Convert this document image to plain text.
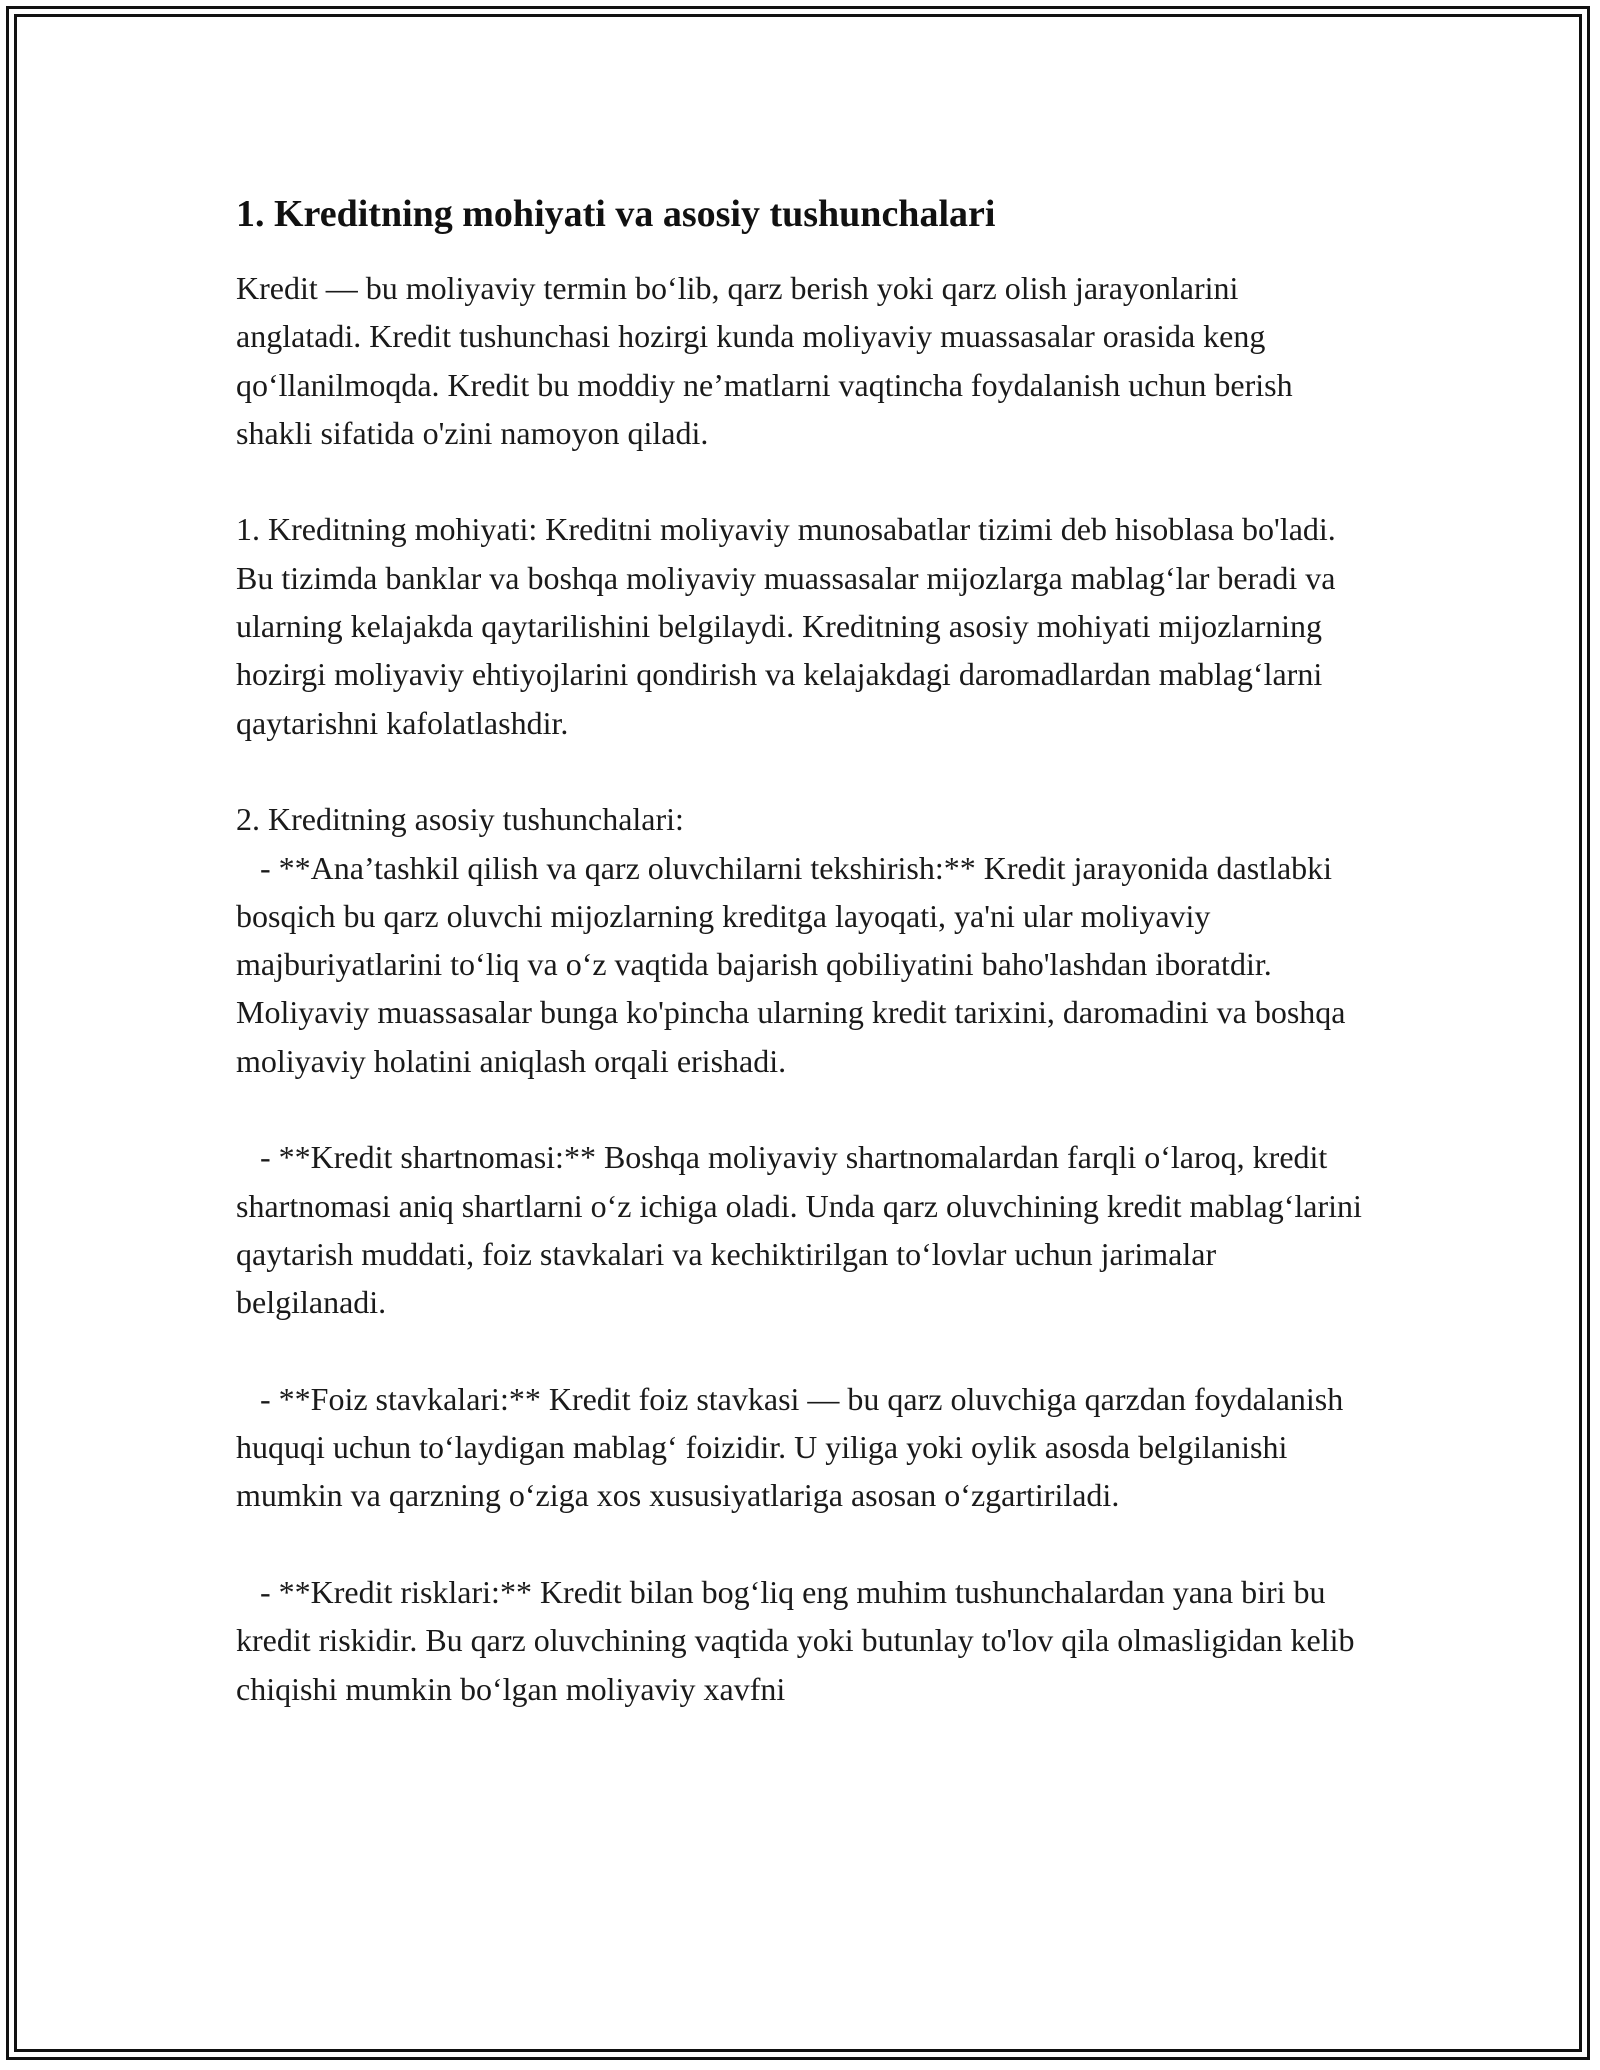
1. Kreditning mohiyati va asosiy tushunchalari

Kredit — bu moliyaviy termin bo‘lib, qarz berish yoki qarz olish jarayonlarini anglatadi. Kredit tushunchasi hozirgi kunda moliyaviy muassasalar orasida keng qo‘llanilmoqda. Kredit bu moddiy ne’matlarni vaqtincha foydalanish uchun berish shakli sifatida o'zini namoyon qiladi.

1. Kreditning mohiyati: Kreditni moliyaviy munosabatlar tizimi deb hisoblasa bo'ladi. Bu tizimda banklar va boshqa moliyaviy muassasalar mijozlarga mablag‘lar beradi va ularning kelajakda qaytarilishini belgilaydi. Kreditning asosiy mohiyati mijozlarning hozirgi moliyaviy ehtiyojlarini qondirish va kelajakdagi daromadlardan mablag‘larni qaytarishni kafolatlashdir.

2. Kreditning asosiy tushunchalari:
- **Ana’tashkil qilish va qarz oluvchilarni tekshirish:** Kredit jarayonida dastlabki bosqich bu qarz oluvchi mijozlarning kreditga layoqati, ya'ni ular moliyaviy majburiyatlarini to‘liq va o‘z vaqtida bajarish qobiliyatini baho'lashdan iboratdir. Moliyaviy muassasalar bunga ko'pincha ularning kredit tarixini, daromadini va boshqa moliyaviy holatini aniqlash orqali erishadi.

- **Kredit shartnomasi:** Boshqa moliyaviy shartnomalardan farqli o‘laroq, kredit shartnomasi aniq shartlarni o‘z ichiga oladi. Unda qarz oluvchining kredit mablag‘larini qaytarish muddati, foiz stavkalari va kechiktirilgan to‘lovlar uchun jarimalar belgilanadi.

- **Foiz stavkalari:** Kredit foiz stavkasi — bu qarz oluvchiga qarzdan foydalanish huquqi uchun to‘laydigan mablag‘ foizidir. U yiliga yoki oylik asosda belgilanishi mumkin va qarzning o‘ziga xos xususiyatlariga asosan o‘zgartiriladi.

- **Kredit risklari:** Kredit bilan bog‘liq eng muhim tushunchalardan yana biri bu kredit riskidir. Bu qarz oluvchining vaqtida yoki butunlay to'lov qila olmasligidan kelib chiqishi mumkin bo‘lgan moliyaviy xavfni
